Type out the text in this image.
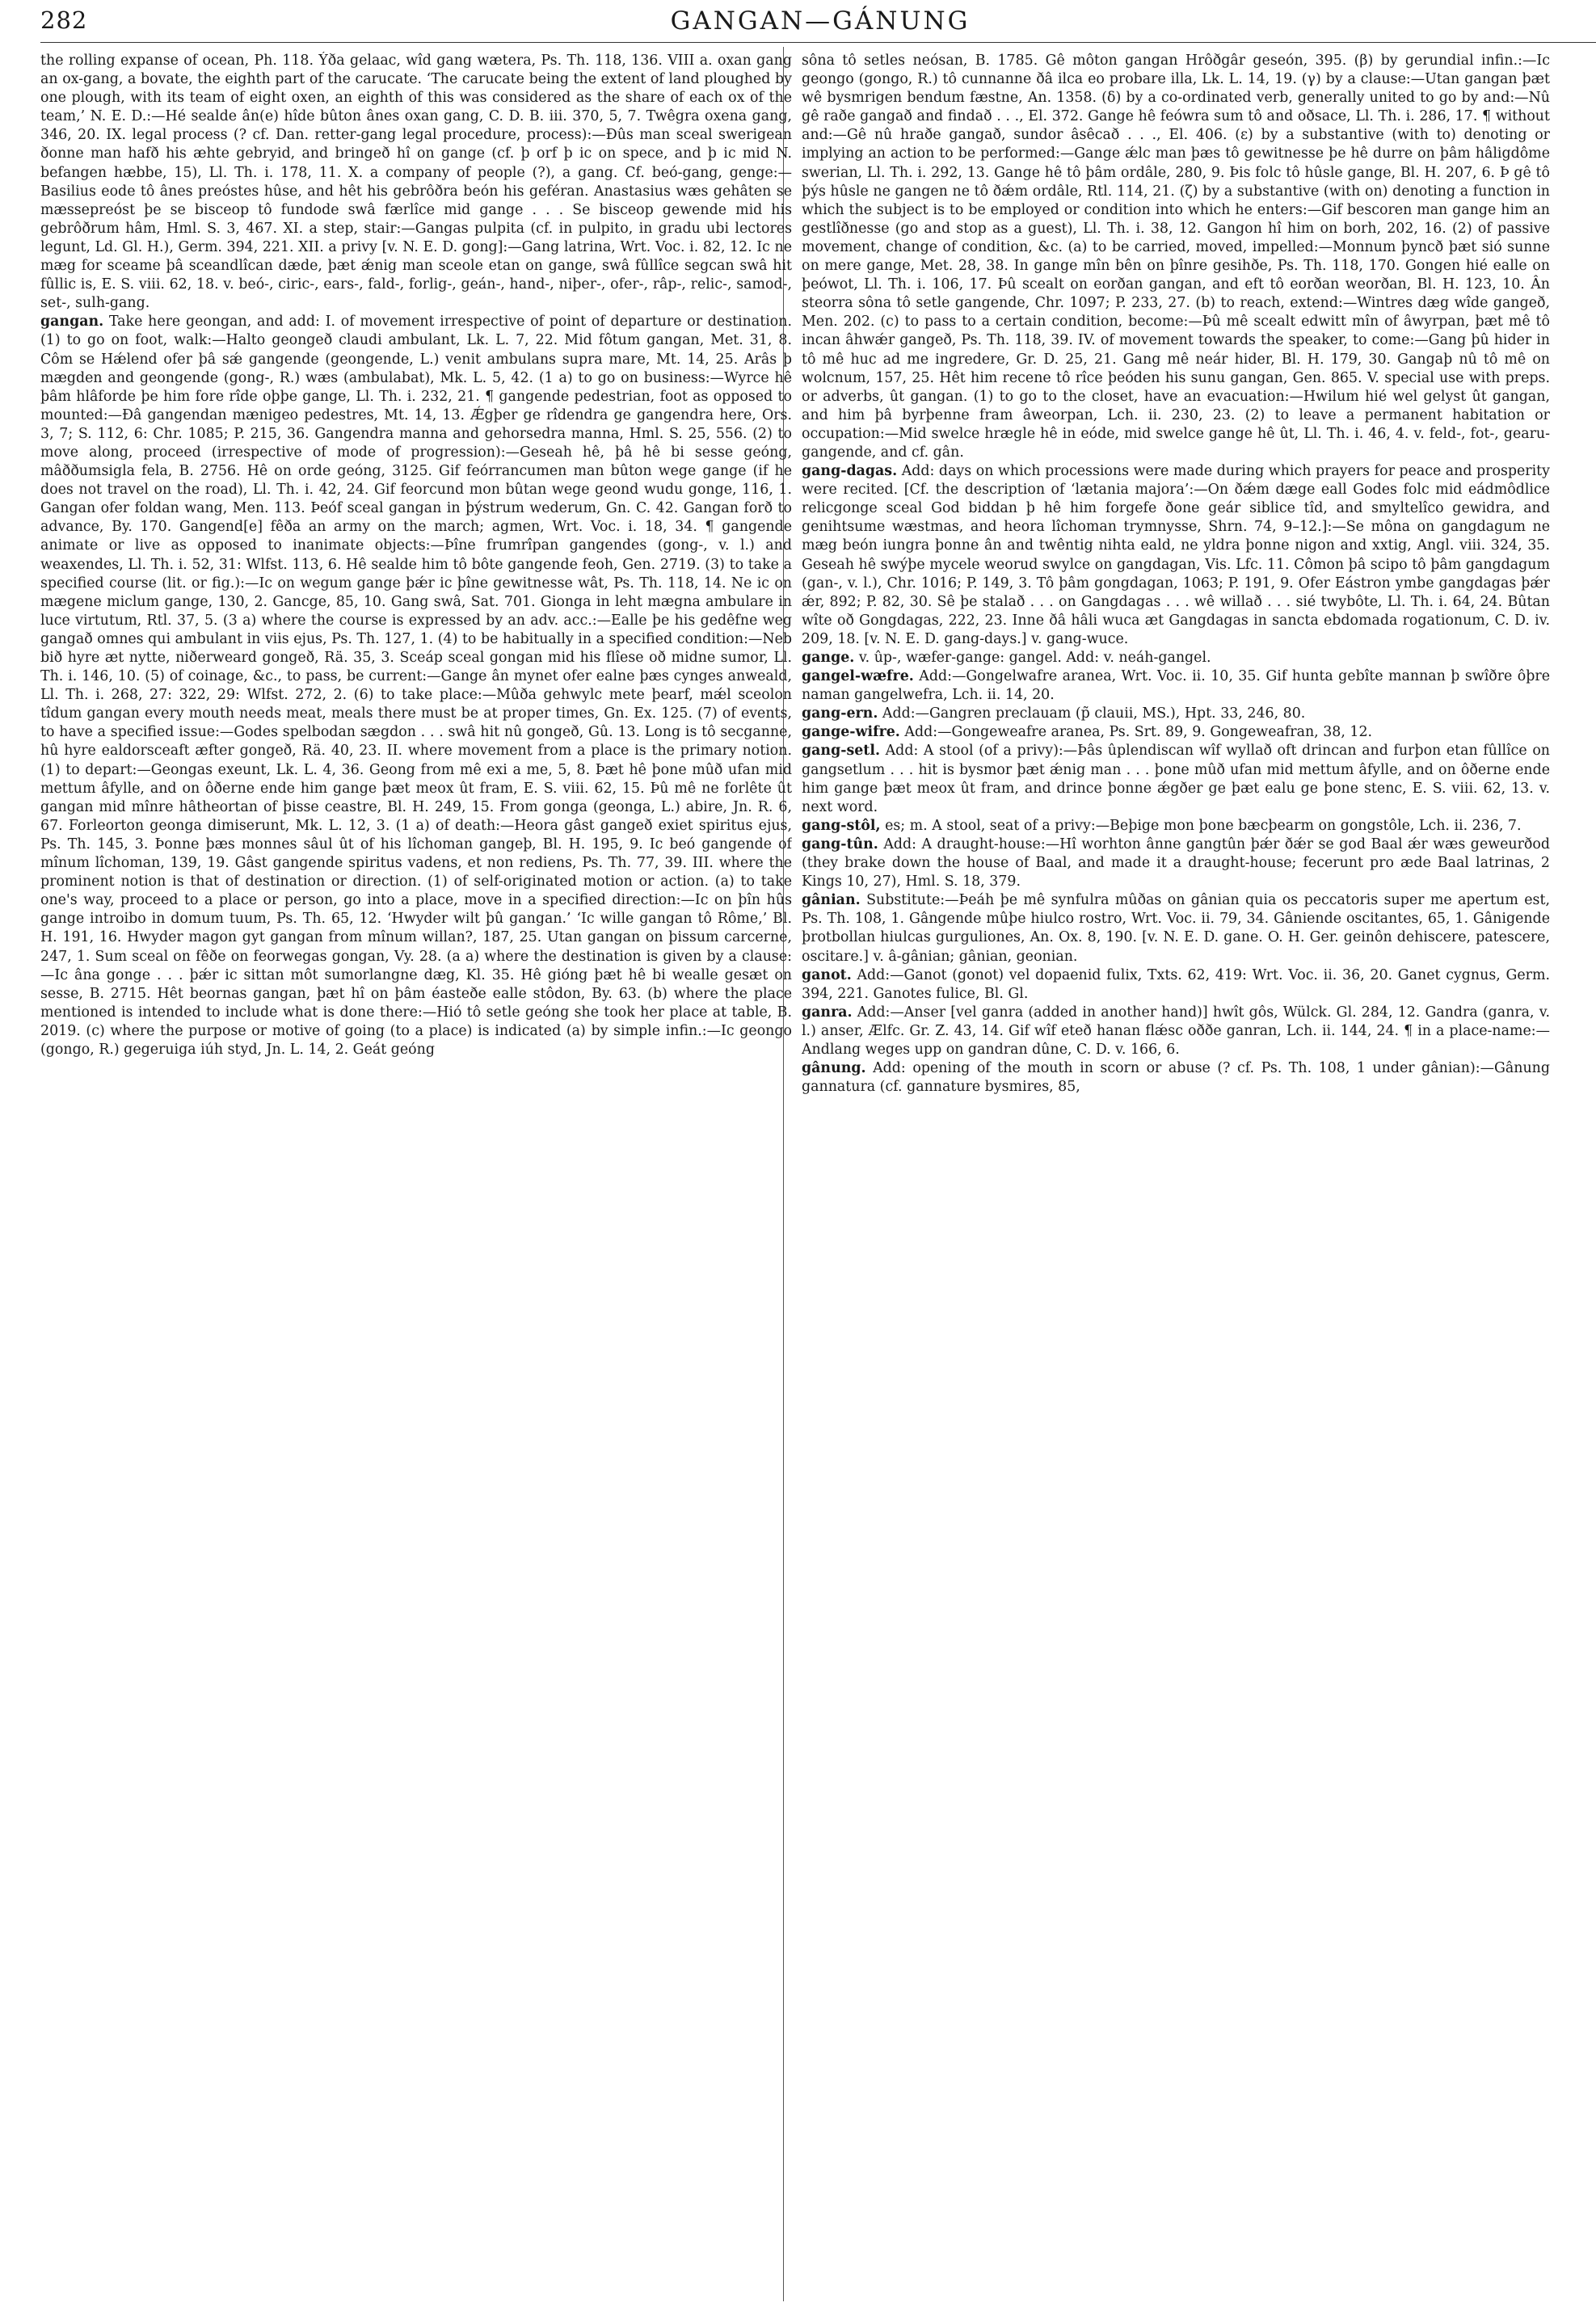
282	GANGAN—GÁNUNG
the rolling expanse of ocean, Ph. 118. Ýða gelaac, wîd gang wætera, Ps. Th. 118, 136. VIII a. oxan gang an ox-gang, a bovate, the eighth part of the carucate. ‘The carucate being the extent of land ploughed by one plough, with its team of eight oxen, an eighth of this was considered as the share of each ox of the team,’ N. E. D.:—Hé sealde ân(e) hîde bûton ânes oxan gang, C. D. B. iii. 370, 5, 7. Twêgra oxena gang, 346, 20. IX. legal process (? cf. Dan. retter-gang legal procedure, process):—Ðûs man sceal swerigean ðonne man hafð his æhte gebryid, and bringeð hî on gange (cf. þ orf þ ic on spece, and þ ic mid N. befangen hæbbe, 15), Ll. Th. i. 178, 11. X. a company of people (?), a gang. Cf. beó-gang, genge:—Basilius eode tô ânes preóstes hûse, and hêt his gebrôðra beón his geféran. Anastasius wæs gehâten se mæssepreóst þe se bisceop tô fundode swâ færlîce mid gange . . . Se bisceop gewende mid his gebrôðrum hâm, Hml. S. 3, 467. XI. a step, stair:—Gangas pulpita (cf. in pulpito, in gradu ubi lectores legunt, Ld. Gl. H.), Germ. 394, 221. XII. a privy [v. N. E. D. gong]:—Gang latrina, Wrt. Voc. i. 82, 12. Ic ne mæg for sceame þâ sceandlîcan dæde, þæt ǽnig man sceole etan on gange, swâ fûllîce segcan swâ hit fûllic is, E. S. viii. 62, 18. v. beó-, ciric-, ears-, fald-, forlig-, geán-, hand-, niþer-, ofer-, râp-, relic-, samod-, set-, sulh-gang.
gangan. Take here geongan, and add: I. of movement irrespective of point of departure or destination. (1) to go on foot, walk:—Halto geongeð claudi ambulant, Lk. L. 7, 22. Mid fôtum gangan, Met. 31, 8. Côm se Hǽlend ofer þâ sǽ gangende (geongende, L.) venit ambulans supra mare, Mt. 14, 25. Arâs þ mægden and geongende (gong-, R.) wæs (ambulabat), Mk. L. 5, 42. (1 a) to go on business:—Wyrce hê þâm hlâforde þe him fore rîde oþþe gange, Ll. Th. i. 232, 21. ¶ gangende pedestrian, foot as opposed to mounted:—Ðâ gangendan mænigeo pedestres, Mt. 14, 13. Ǽgþer ge rîdendra ge gangendra here, Ors. 3, 7; S. 112, 6: Chr. 1085; P. 215, 36. Gangendra manna and gehorsedra manna, Hml. S. 25, 556. (2) to move along, proceed (irrespective of mode of progression):—Geseah hê, þâ hê bi sesse geóng, mâððumsigla fela, B. 2756. Hê on orde geóng, 3125. Gif feórrancumen man bûton wege gange (if he does not travel on the road), Ll. Th. i. 42, 24. Gif feorcund mon bûtan wege geond wudu gonge, 116, 1. Gangan ofer foldan wang, Men. 113. Þeóf sceal gangan in þýstrum wederum, Gn. C. 42. Gangan forð to advance, By. 170. Gangend[e] fêða an army on the march; agmen, Wrt. Voc. i. 18, 34. ¶ gangende animate or live as opposed to inanimate objects:—Þîne frumrîpan gangendes (gong-, v. l.) and weaxendes, Ll. Th. i. 52, 31: Wlfst. 113, 6. Hê sealde him tô bôte gangende feoh, Gen. 2719. (3) to take a specified course (lit. or fig.):—Ic on wegum gange þǽr ic þîne gewitnesse wât, Ps. Th. 118, 14. Ne ic on mægene miclum gange, 130, 2. Gancge, 85, 10. Gang swâ, Sat. 701. Gionga in leht mægna ambulare in luce virtutum, Rtl. 37, 5. (3 a) where the course is expressed by an adv. acc.:—Ealle þe his gedêfne weg gangað omnes qui ambulant in viis ejus, Ps. Th. 127, 1. (4) to be habitually in a specified condition:—Neb bið hyre æt nytte, niðerweard gongeð, Rä. 35, 3. Sceáp sceal gongan mid his flîese oð midne sumor, Ll. Th. i. 146, 10. (5) of coinage, &c., to pass, be current:—Gange ân mynet ofer ealne þæs cynges anweald, Ll. Th. i. 268, 27: 322, 29: Wlfst. 272, 2. (6) to take place:—Mûða gehwylc mete þearf, mǽl sceolon tîdum gangan every mouth needs meat, meals there must be at proper times, Gn. Ex. 125. (7) of events, to have a specified issue:—Godes spelbodan sægdon . . . swâ hit nû gongeð, Gû. 13. Long is tô secganne, hû hyre ealdorsceaft æfter gongeð, Rä. 40, 23. II. where movement from a place is the primary notion. (1) to depart:—Geongas exeunt, Lk. L. 4, 36. Geong from mê exi a me, 5, 8. Þæt hê þone mûð ufan mid mettum âfylle, and on ôðerne ende him gange þæt meox ût fram, E. S. viii. 62, 15. Þû mê ne forlête ût gangan mid mînre hâtheortan of þisse ceastre, Bl. H. 249, 15. From gonga (geonga, L.) abire, Jn. R. 6, 67. Forleorton geonga dimiserunt, Mk. L. 12, 3. (1 a) of death:—Heora gâst gangeð exiet spiritus ejus, Ps. Th. 145, 3. Þonne þæs monnes sâul ût of his lîchoman gangeþ, Bl. H. 195, 9. Ic beó gangende of mînum lîchoman, 139, 19. Gâst gangende spiritus vadens, et non rediens, Ps. Th. 77, 39. III. where the prominent notion is that of destination or direction. (1) of self-originated motion or action. (a) to take one's way, proceed to a place or person, go into a place, move in a specified direction:—Ic on þîn hûs gange introibo in domum tuum, Ps. Th. 65, 12. ‘Hwyder wilt þû gangan.’ ‘Ic wille gangan tô Rôme,’ Bl. H. 191, 16. Hwyder magon gyt gangan from mînum willan?, 187, 25. Utan gangan on þissum carcerne, 247, 1. Sum sceal on fêðe on feorwegas gongan, Vy. 28. (a a) where the destination is given by a clause:—Ic âna gonge . . . þǽr ic sittan môt sumorlangne dæg, Kl. 35. Hê gióng þæt hê bi wealle gesæt on sesse, B. 2715. Hêt beornas gangan, þæt hî on þâm éasteðe ealle stôdon, By. 63. (b) where the place mentioned is intended to include what is done there:—Hió tô setle geóng she took her place at table, B. 2019. (c) where the purpose or motive of going (to a place) is indicated (a) by simple infin.:—Ic geongo (gongo, R.) gegeruiga iúh styd, Jn. L. 14, 2. Geát geóng
sôna tô setles neósan, B. 1785. Gê môton gangan Hrôðgâr geseón, 395. (β) by gerundial infin.:—Ic geongo (gongo, R.) tô cunnanne ðâ ilca eo probare illa, Lk. L. 14, 19. (γ) by a clause:—Utan gangan þæt wê bysmrigen bendum fæstne, An. 1358. (δ) by a co-ordinated verb, generally united to go by and:—Nû gê raðe gangað and findað . . ., El. 372. Gange hê feówra sum tô and oðsace, Ll. Th. i. 286, 17. ¶ without and:—Gê nû hraðe gangað, sundor âsêcað . . ., El. 406. (ε) by a substantive (with to) denoting or implying an action to be performed:—Gange ǽlc man þæs tô gewitnesse þe hê durre on þâm hâligdôme swerian, Ll. Th. i. 292, 13. Gange hê tô þâm ordâle, 280, 9. Þis folc tô hûsle gange, Bl. H. 207, 6. Þ gê tô þýs hûsle ne gangen ne tô ðǽm ordâle, Rtl. 114, 21. (ζ) by a substantive (with on) denoting a function in which the subject is to be employed or condition into which he enters:—Gif bescoren man gange him an gestlîðnesse (go and stop as a guest), Ll. Th. i. 38, 12. Gangon hî him on borh, 202, 16. (2) of passive movement, change of condition, &c. (a) to be carried, moved, impelled:—Monnum þyncð þæt sió sunne on mere gange, Met. 28, 38. In gange mîn bên on þînre gesihðe, Ps. Th. 118, 170. Gongen hié ealle on þeówot, Ll. Th. i. 106, 17. Þû scealt on eorðan gangan, and eft tô eorðan weorðan, Bl. H. 123, 10. Ân steorra sôna tô setle gangende, Chr. 1097; P. 233, 27. (b) to reach, extend:—Wintres dæg wîde gangeð, Men. 202. (c) to pass to a certain condition, become:—Þû mê scealt edwitt mîn of âwyrpan, þæt mê tô incan âhwǽr gangeð, Ps. Th. 118, 39. IV. of movement towards the speaker, to come:—Gang þû hider in tô mê huc ad me ingredere, Gr. D. 25, 21. Gang mê neár hider, Bl. H. 179, 30. Gangaþ nû tô mê on wolcnum, 157, 25. Hêt him recene tô rîce þeóden his sunu gangan, Gen. 865. V. special use with preps. or adverbs, ût gangan. (1) to go to the closet, have an evacuation:—Hwilum hié wel gelyst ût gangan, and him þâ byrþenne fram âweorpan, Lch. ii. 230, 23. (2) to leave a permanent habitation or occupation:—Mid swelce hrægle hê in eóde, mid swelce gange hê ût, Ll. Th. i. 46, 4. v. feld-, fot-, gearu-gangende, and cf. gân.
gang-dagas. Add: days on which processions were made during which prayers for peace and prosperity were recited. [Cf. the description of ‘lætania majora’:—On ðǽm dæge eall Godes folc mid eádmôdlice relicgonge sceal God biddan þ hê him forgefe ðone geár siblice tîd, and smyltelîco gewidra, and genihtsume wæstmas, and heora lîchoman trymnysse, Shrn. 74, 9–12.]:—Se môna on gangdagum ne mæg beón iungra þonne ân and twêntig nihta eald, ne yldra þonne nigon and xxtig, Angl. viii. 324, 35. Geseah hê swýþe mycele weorud swylce on gangdagan, Vis. Lfc. 11. Cômon þâ scipo tô þâm gangdagum (gan-, v. l.), Chr. 1016; P. 149, 3. Tô þâm gongdagan, 1063; P. 191, 9. Ofer Eástron ymbe gangdagas þǽr ǽr, 892; P. 82, 30. Sê þe stalað . . . on Gangdagas . . . wê willað . . . sié twybôte, Ll. Th. i. 64, 24. Bûtan wîte oð Gongdagas, 222, 23. Inne ðâ hâli wuca æt Gangdagas in sancta ebdomada rogationum, C. D. iv. 209, 18. [v. N. E. D. gang-days.] v. gang-wuce.
gange. v. ûp-, wæfer-gange: gangel. Add: v. neáh-gangel.
gangel-wæfre. Add:—Gongelwafre aranea, Wrt. Voc. ii. 10, 35. Gif hunta gebîte mannan þ swîðre ôþre naman gangelwefra, Lch. ii. 14, 20.
gang-ern. Add:—Gangren preclauam (p̃ clauii, MS.), Hpt. 33, 246, 80.
gange-wifre. Add:—Gongeweafre aranea, Ps. Srt. 89, 9. Gongeweafran, 38, 12.
gang-setl. Add: A stool (of a privy):—Þâs ûplendiscan wîf wyllað oft drincan and furþon etan fûllîce on gangsetlum . . . hit is bysmor þæt ǽnig man . . . þone mûð ufan mid mettum âfylle, and on ôðerne ende him gange þæt meox ût fram, and drince þonne ǽgðer ge þæt ealu ge þone stenc, E. S. viii. 62, 13. v. next word.
gang-stôl, es; m. A stool, seat of a privy:—Beþige mon þone bæcþearm on gongstôle, Lch. ii. 236, 7.
gang-tûn. Add: A draught-house:—Hî worhton ânne gangtûn þǽr ðǽr se god Baal ǽr wæs geweurðod (they brake down the house of Baal, and made it a draught-house; fecerunt pro æde Baal latrinas, 2 Kings 10, 27), Hml. S. 18, 379.
gânian. Substitute:—Þeáh þe mê synfulra mûðas on gânian quia os peccatoris super me apertum est, Ps. Th. 108, 1. Gângende mûþe hiulco rostro, Wrt. Voc. ii. 79, 34. Gâniende oscitantes, 65, 1. Gânigende þrotbollan hiulcas gurguliones, An. Ox. 8, 190. [v. N. E. D. gane. O. H. Ger. geinôn dehiscere, patescere, oscitare.] v. â-gânian; gânian, geonian.
ganot. Add:—Ganot (gonot) vel dopaenid fulix, Txts. 62, 419: Wrt. Voc. ii. 36, 20. Ganet cygnus, Germ. 394, 221. Ganotes fulice, Bl. Gl.
ganra. Add:—Anser [vel ganra (added in another hand)] hwît gôs, Wülck. Gl. 284, 12. Gandra (ganra, v. l.) anser, Ælfc. Gr. Z. 43, 14. Gif wîf eteð hanan flǽsc oððe ganran, Lch. ii. 144, 24. ¶ in a place-name:—Andlang weges upp on gandran dûne, C. D. v. 166, 6.
gânung. Add: opening of the mouth in scorn or abuse (? cf. Ps. Th. 108, 1 under gânian):—Gânung gannatura (cf. gannature bysmires, 85,
